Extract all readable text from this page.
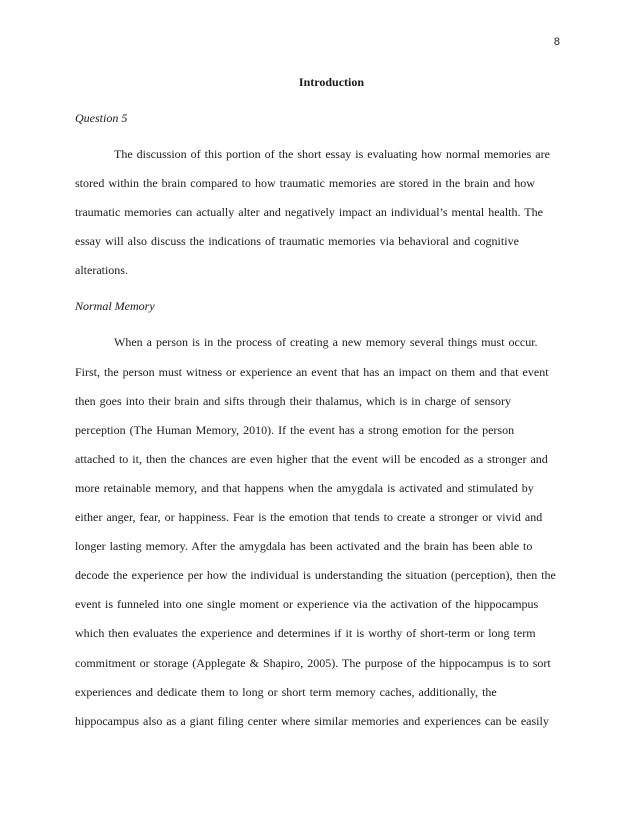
8
Introduction
Question 5

The discussion of this portion of the short essay is evaluating how normal memories are

stored within the brain compared to how traumatic memories are stored in the brain and how

traumatic memories can actually alter and negatively impact an individual’s mental health. The

essay will also discuss the indications of traumatic memories via behavioral and cognitive

alterations.

Normal Memory

When a person is in the process of creating a new memory several things must occur.

First, the person must witness or experience an event that has an impact on them and that event

then goes into their brain and sifts through their thalamus, which is in charge of sensory

perception (The Human Memory, 2010). If the event has a strong emotion for the person

attached to it, then the chances are even higher that the event will be encoded as a stronger and

more retainable memory, and that happens when the amygdala is activated and stimulated by

either anger, fear, or happiness. Fear is the emotion that tends to create a stronger or vivid and

longer lasting memory. After the amygdala has been activated and the brain has been able to

decode the experience per how the individual is understanding the situation (perception), then the

event is funneled into one single moment or experience via the activation of the hippocampus

which then evaluates the experience and determines if it is worthy of short-term or long term

commitment or storage (Applegate & Shapiro, 2005). The purpose of the hippocampus is to sort

experiences and dedicate them to long or short term memory caches, additionally, the

hippocampus also as a giant filing center where similar memories and experiences can be easily
